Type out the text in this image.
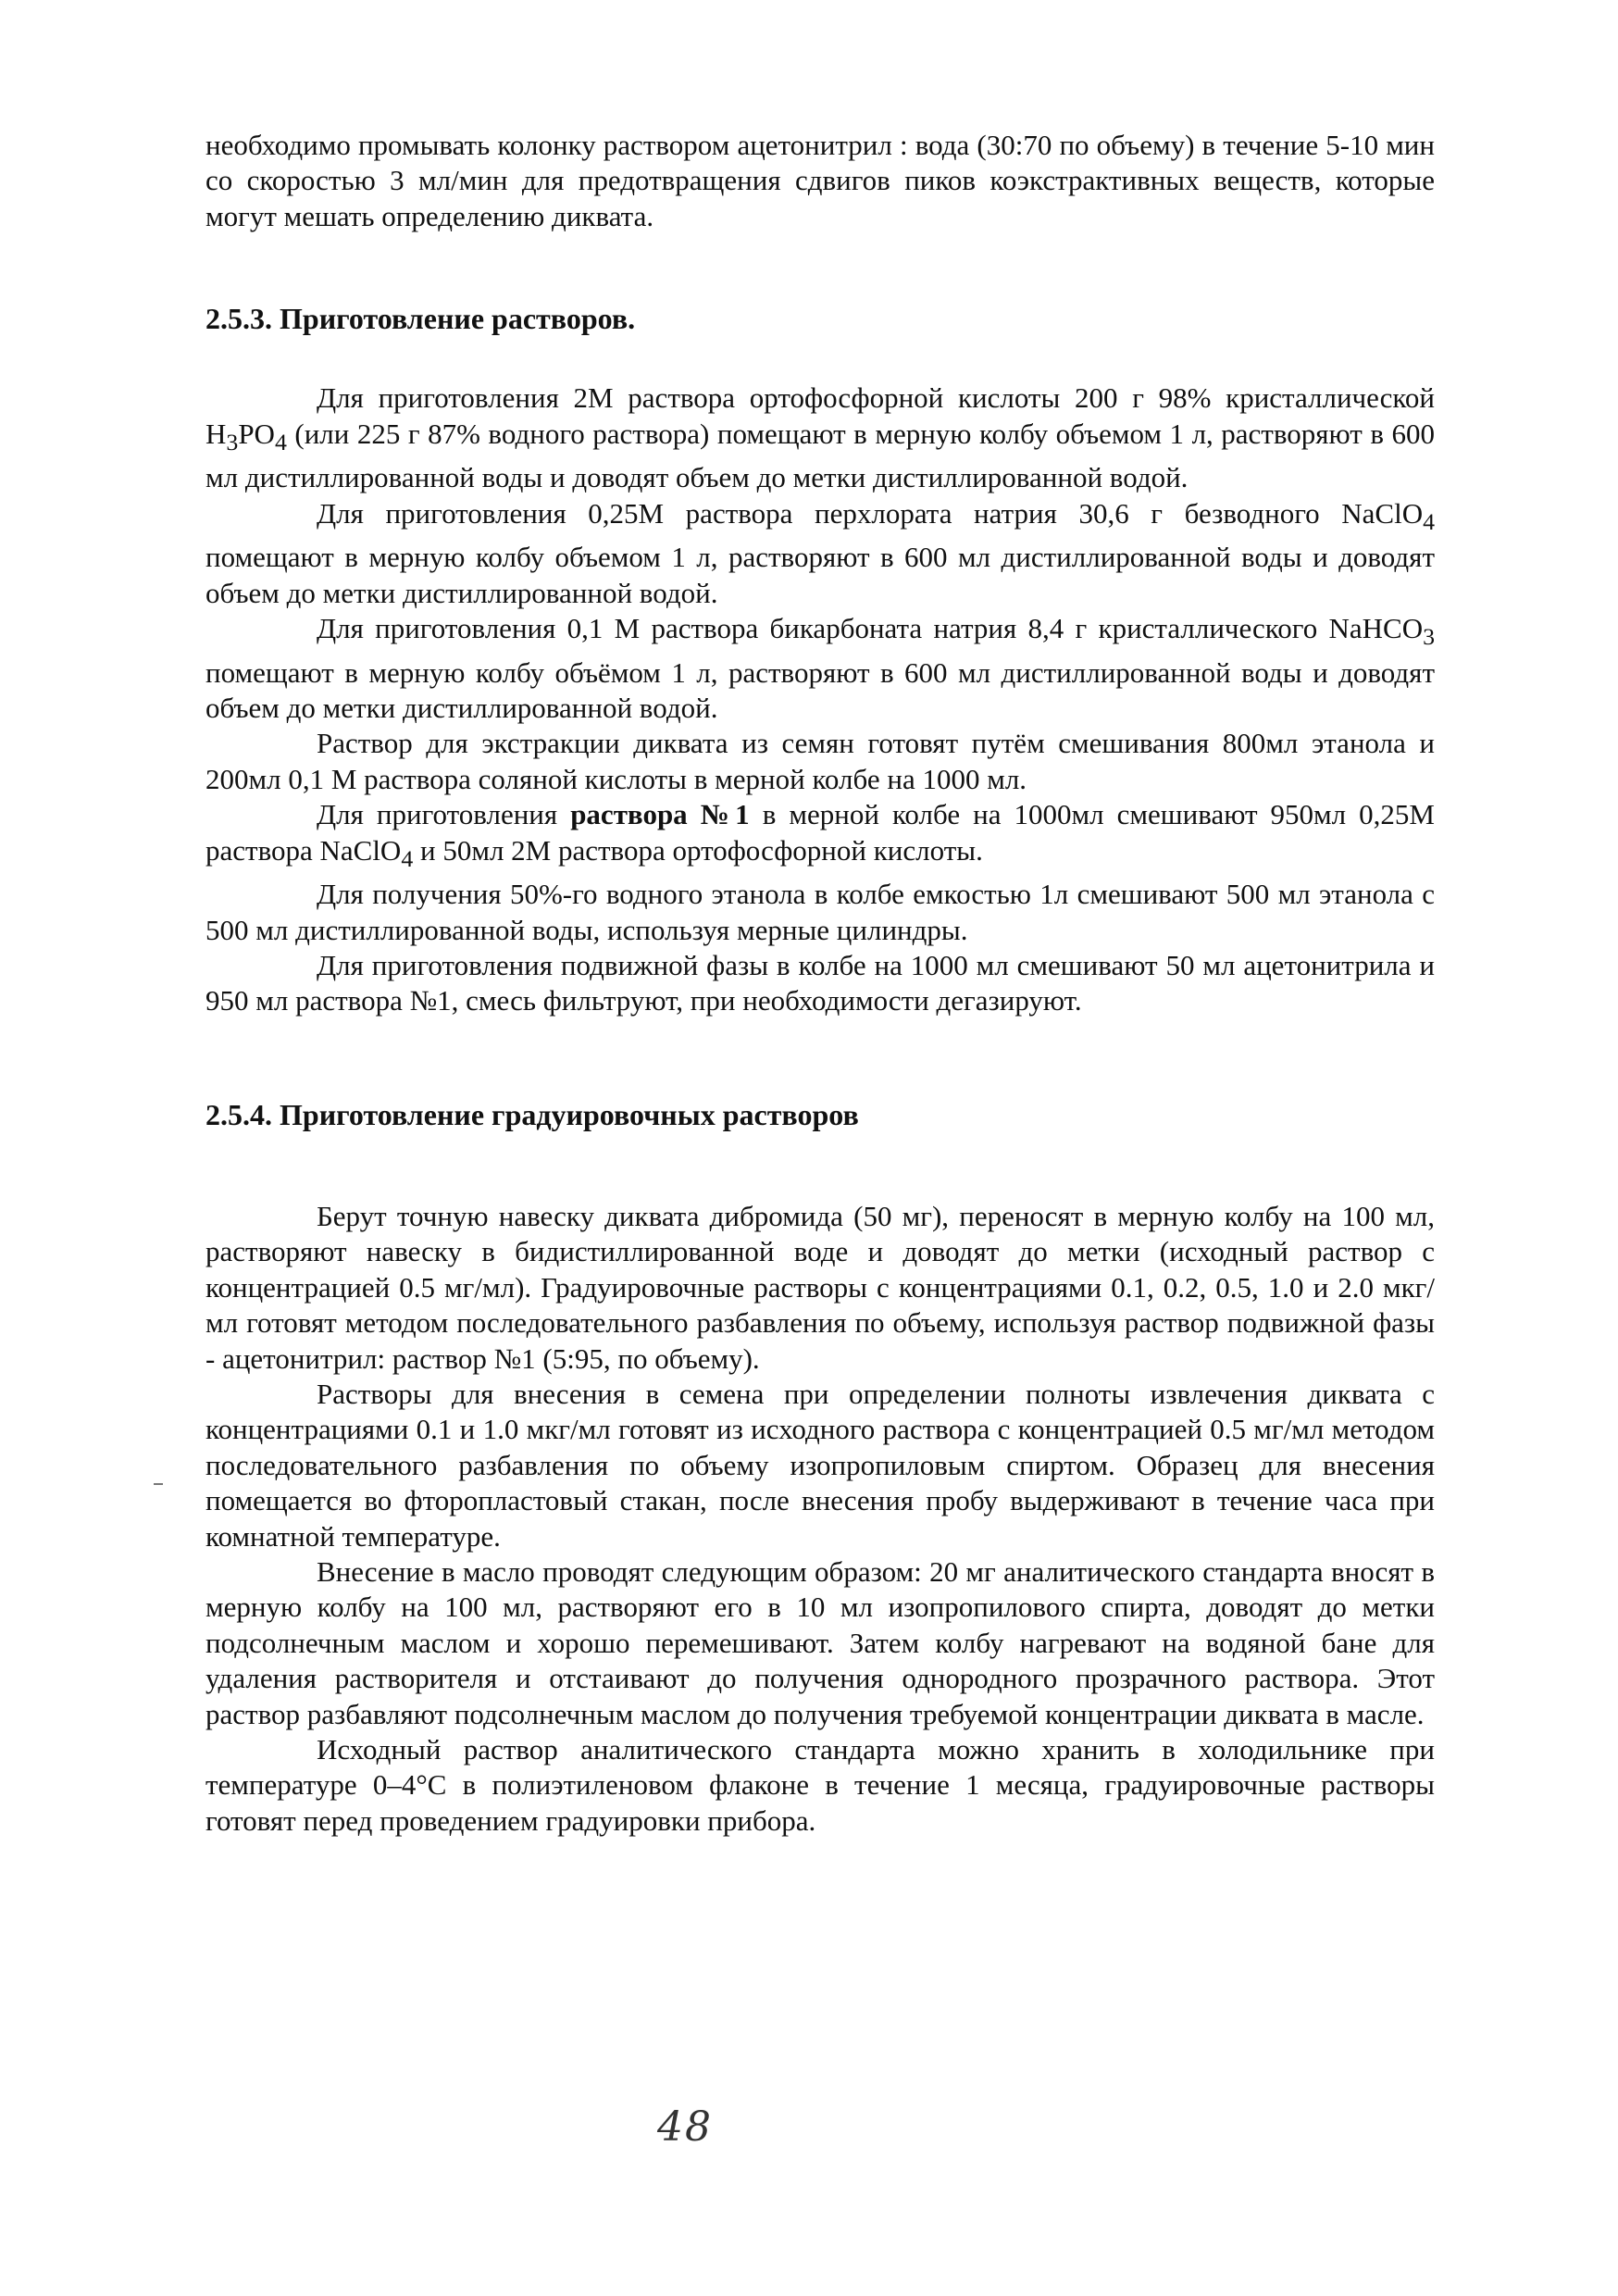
необходимо промывать колонку раствором ацетонитрил : вода (30:70 по объему) в течение 5-10 мин со скоростью 3 мл/мин для предотвращения сдвигов пиков коэкстрактивных веществ, которые могут мешать определению диквата.

2.5.3. Приготовление растворов.

Для приготовления 2М раствора ортофосфорной кислоты 200 г 98% кристаллической $H_3PO_4$ (или 225 г 87% водного раствора) помещают в мерную колбу объемом 1 л, растворяют в 600 мл дистиллированной воды и доводят объем до метки дистиллированной водой.

Для приготовления 0,25М раствора перхлората натрия 30,6 г безводного NaClO$_4$ помещают в мерную колбу объемом 1 л, растворяют в 600 мл дистиллированной воды и доводят объем до метки дистиллированной водой.

Для приготовления 0,1 М раствора бикарбоната натрия 8,4 г кристаллического NaHCO$_3$ помещают в мерную колбу объёмом 1 л, растворяют в 600 мл дистиллированной воды и доводят объем до метки дистиллированной водой.

Раствор для экстракции диквата из семян готовят путём смешивания 800мл этанола и 200мл 0,1 М раствора соляной кислоты в мерной колбе на 1000 мл.

Для приготовления раствора №1 в мерной колбе на 1000мл смешивают 950мл 0,25М раствора NaClO$_4$ и 50мл 2М раствора ортофосфорной кислоты.

Для получения 50%-го водного этанола в колбе емкостью 1л смешивают 500 мл этанола с 500 мл дистиллированной воды, используя мерные цилиндры.

Для приготовления подвижной фазы в колбе на 1000 мл смешивают 50 мл ацетонитрила и 950 мл раствора №1, смесь фильтруют, при необходимости дегазируют.

2.5.4. Приготовление градуировочных растворов

Берут точную навеску диквата дибромида (50 мг), переносят в мерную колбу на 100 мл, растворяют навеску в бидистиллированной воде и доводят до метки (исходный раствор с концентрацией 0.5 мг/мл). Градуировочные растворы с концентрациями 0.1, 0.2, 0.5, 1.0 и 2.0 мкг/мл готовят методом последовательного разбавления по объему, используя раствор подвижной фазы - ацетонитрил: раствор №1 (5:95, по объему).

Растворы для внесения в семена при определении полноты извлечения диквата с концентрациями 0.1 и 1.0 мкг/мл готовят из исходного раствора с концентрацией 0.5 мг/мл методом последовательного разбавления по объему изопропиловым спиртом. Образец для внесения помещается во фторопластовый стакан, после внесения пробу выдерживают в течение часа при комнатной температуре.

Внесение в масло проводят следующим образом: 20 мг аналитического стандарта вносят в мерную колбу на 100 мл, растворяют его в 10 мл изопропилового спирта, доводят до метки подсолнечным маслом и хорошо перемешивают. Затем колбу нагревают на водяной бане для удаления растворителя и отстаивают до получения однородного прозрачного раствора. Этот раствор разбавляют подсолнечным маслом до получения требуемой концентрации диквата в масле.

Исходный раствор аналитического стандарта можно хранить в холодильнике при температуре 0–4°С в полиэтиленовом флаконе в течение 1 месяца, градуировочные растворы готовят перед проведением градуировки прибора.

48
